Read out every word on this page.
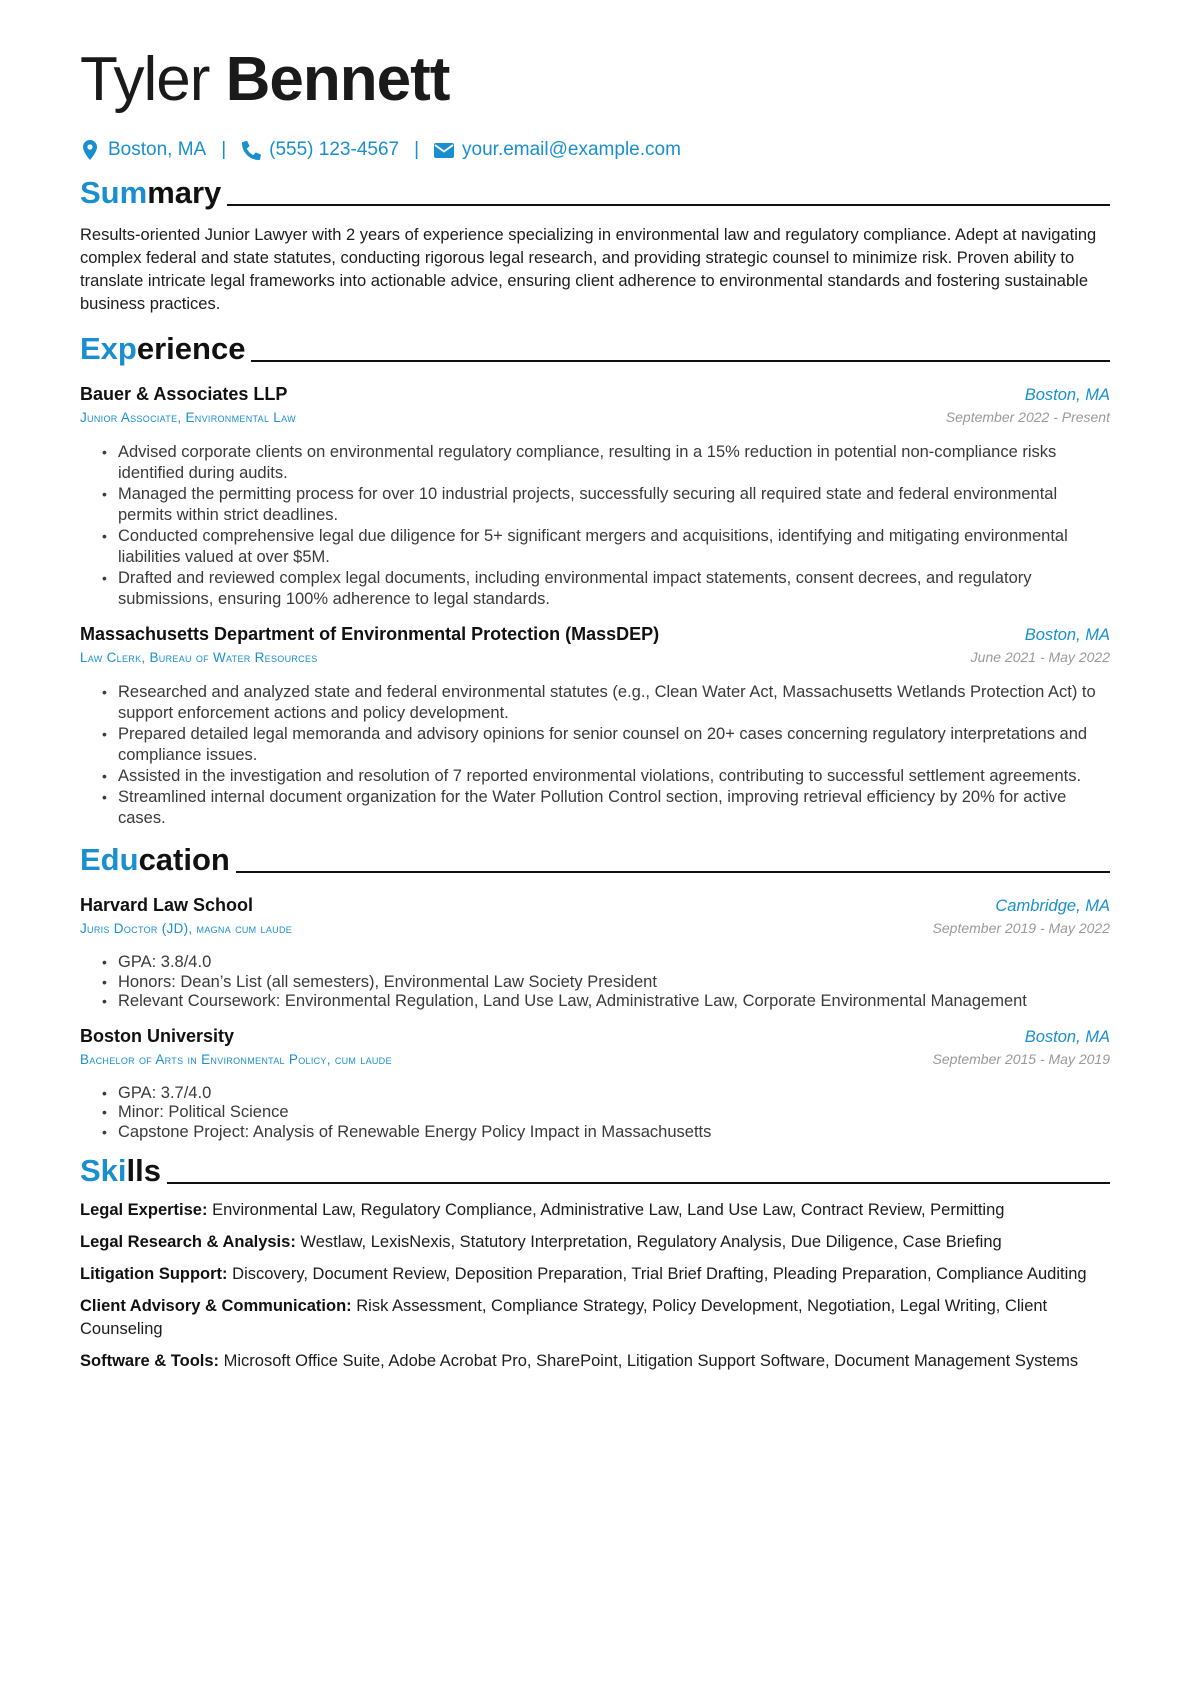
Tyler Bennett
Boston, MA | (555) 123-4567 | your.email@example.com
Summary

Results-oriented Junior Lawyer with 2 years of experience specializing in environmental law and regulatory compliance. Adept at navigating complex federal and state statutes, conducting rigorous legal research, and providing strategic counsel to minimize risk. Proven ability to translate intricate legal frameworks into actionable advice, ensuring client adherence to environmental standards and fostering sustainable business practices.

Experience
Bauer & Associates LLP	Boston, MA
Junior Associate, Environmental Law	September 2022 - Present
• Advised corporate clients on environmental regulatory compliance, resulting in a 15% reduction in potential non-compliance risks identified during audits.
• Managed the permitting process for over 10 industrial projects, successfully securing all required state and federal environmental permits within strict deadlines.
• Conducted comprehensive legal due diligence for 5+ significant mergers and acquisitions, identifying and mitigating environmental liabilities valued at over $5M.
• Drafted and reviewed complex legal documents, including environmental impact statements, consent decrees, and regulatory submissions, ensuring 100% adherence to legal standards.
Massachusetts Department of Environmental Protection (MassDEP)	Boston, MA
Law Clerk, Bureau of Water Resources	June 2021 - May 2022
• Researched and analyzed state and federal environmental statutes (e.g., Clean Water Act, Massachusetts Wetlands Protection Act) to support enforcement actions and policy development.
• Prepared detailed legal memoranda and advisory opinions for senior counsel on 20+ cases concerning regulatory interpretations and compliance issues.
• Assisted in the investigation and resolution of 7 reported environmental violations, contributing to successful settlement agreements.
• Streamlined internal document organization for the Water Pollution Control section, improving retrieval efficiency by 20% for active cases.
Education
Harvard Law School	Cambridge, MA
Juris Doctor (JD), magna cum laude	September 2019 - May 2022
• GPA: 3.8/4.0
• Honors: Dean’s List (all semesters), Environmental Law Society President
• Relevant Coursework: Environmental Regulation, Land Use Law, Administrative Law, Corporate Environmental Management
Boston University	Boston, MA
Bachelor of Arts in Environmental Policy, cum laude	September 2015 - May 2019
• GPA: 3.7/4.0
• Minor: Political Science
• Capstone Project: Analysis of Renewable Energy Policy Impact in Massachusetts
Skills

Legal Expertise: Environmental Law, Regulatory Compliance, Administrative Law, Land Use Law, Contract Review, Permitting

Legal Research & Analysis: Westlaw, LexisNexis, Statutory Interpretation, Regulatory Analysis, Due Diligence, Case Briefing

Litigation Support: Discovery, Document Review, Deposition Preparation, Trial Brief Drafting, Pleading Preparation, Compliance Auditing

Client Advisory & Communication: Risk Assessment, Compliance Strategy, Policy Development, Negotiation, Legal Writing, Client Counseling

Software & Tools: Microsoft Office Suite, Adobe Acrobat Pro, SharePoint, Litigation Support Software, Document Management Systems
